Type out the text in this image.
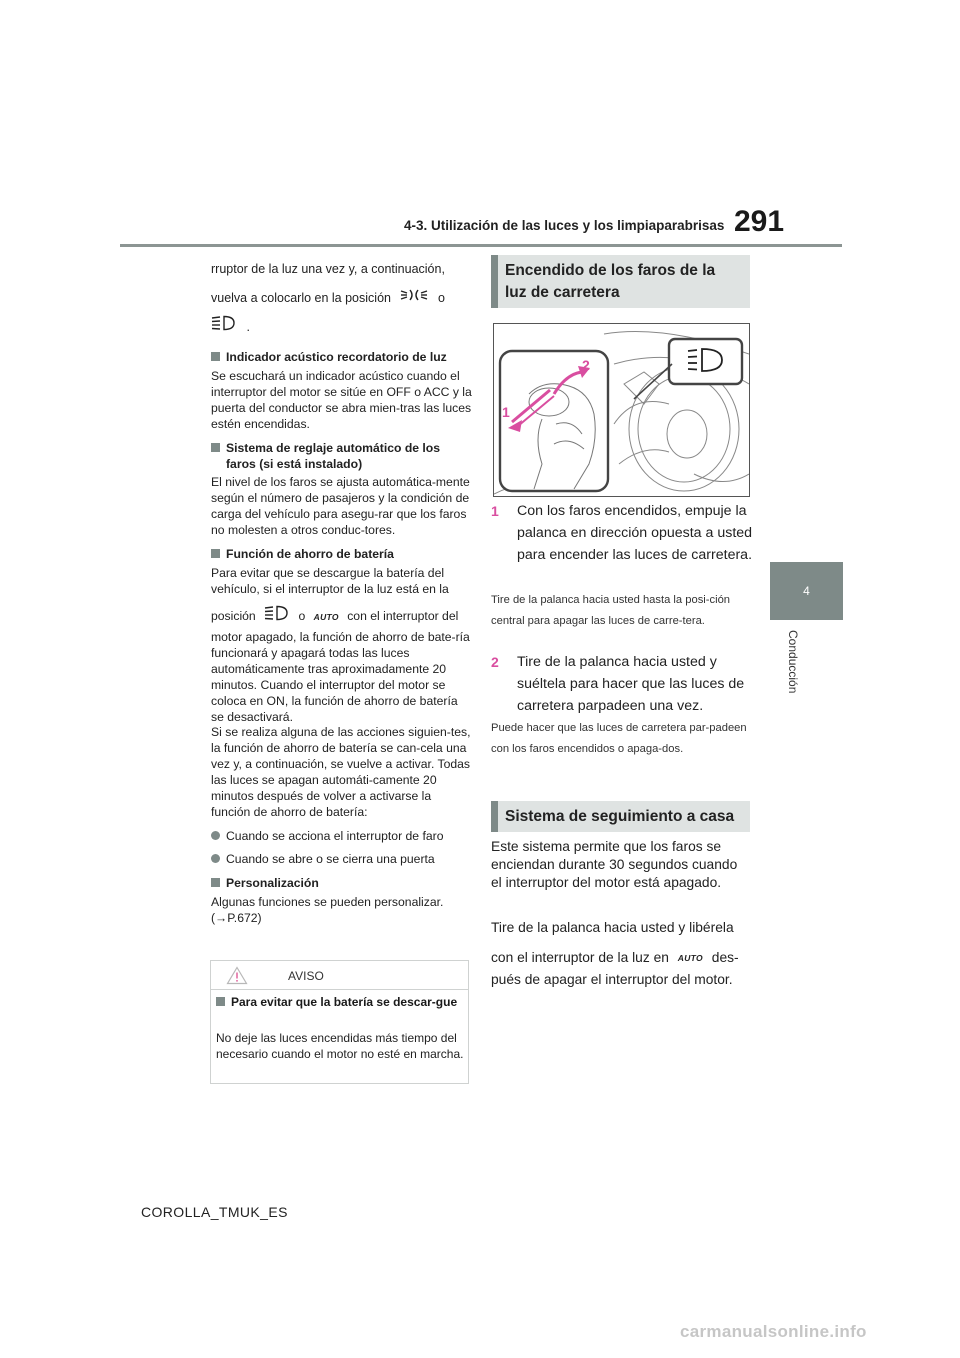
4-3. Utilización de las luces y los limpiaparabrisas 291
4
Conducción

rruptor de la luz una vez y, a continuación,

vuelva a colocarlo en la posición	o

.

Indicador acústico recordatorio de luz

Se escuchará un indicador acústico cuando el interruptor del motor se sitúe en OFF o ACC y la puerta del conductor se abra mien-tras las luces estén encendidas.

Sistema de reglaje automático de los faros (si está instalado)

El nivel de los faros se ajusta automática-mente según el número de pasajeros y la condición de carga del vehículo para asegu-rar que los faros no molesten a otros conduc-tores.

Función de ahorro de batería

Para evitar que se descargue la batería del vehículo, si el interruptor de la luz está en la

posición	o AUTO con el interruptor del

motor apagado, la función de ahorro de bate-ría funcionará y apagará todas las luces automáticamente tras aproximadamente 20 minutos. Cuando el interruptor del motor se coloca en ON, la función de ahorro de batería se desactivará.

Si se realiza alguna de las acciones siguien-tes, la función de ahorro de batería se can-cela una vez y, a continuación, se vuelve a activar. Todas las luces se apagan automáti-camente 20 minutos después de volver a activarse la función de ahorro de batería:

Cuando se acciona el interruptor de faro

Cuando se abre o se cierra una puerta

Personalización

Algunas funciones se pueden personalizar. (→P.672)

AVISO
Para evitar que la batería se descar-gue
No deje las luces encendidas más tiempo del necesario cuando el motor no esté en marcha.
Encendido de los faros de la luz de carretera
1
2
1 Con los faros encendidos, empuje la palanca en dirección opuesta a usted para encender las luces de carretera.
Tire de la palanca hacia usted hasta la posi-ción central para apagar las luces de carre-tera.
2 Tire de la palanca hacia usted y suéltela para hacer que las luces de carretera parpadeen una vez.
Puede hacer que las luces de carretera par-padeen con los faros encendidos o apaga-dos.
Sistema de seguimiento a casa
Este sistema permite que los faros se enciendan durante 30 segundos cuando el interruptor del motor está apagado.
Tire de la palanca hacia usted y libérela
con el interruptor de la luz en AUTO des-
pués de apagar el interruptor del motor.
COROLLA_TMUK_ES
carmanualsonline.info
